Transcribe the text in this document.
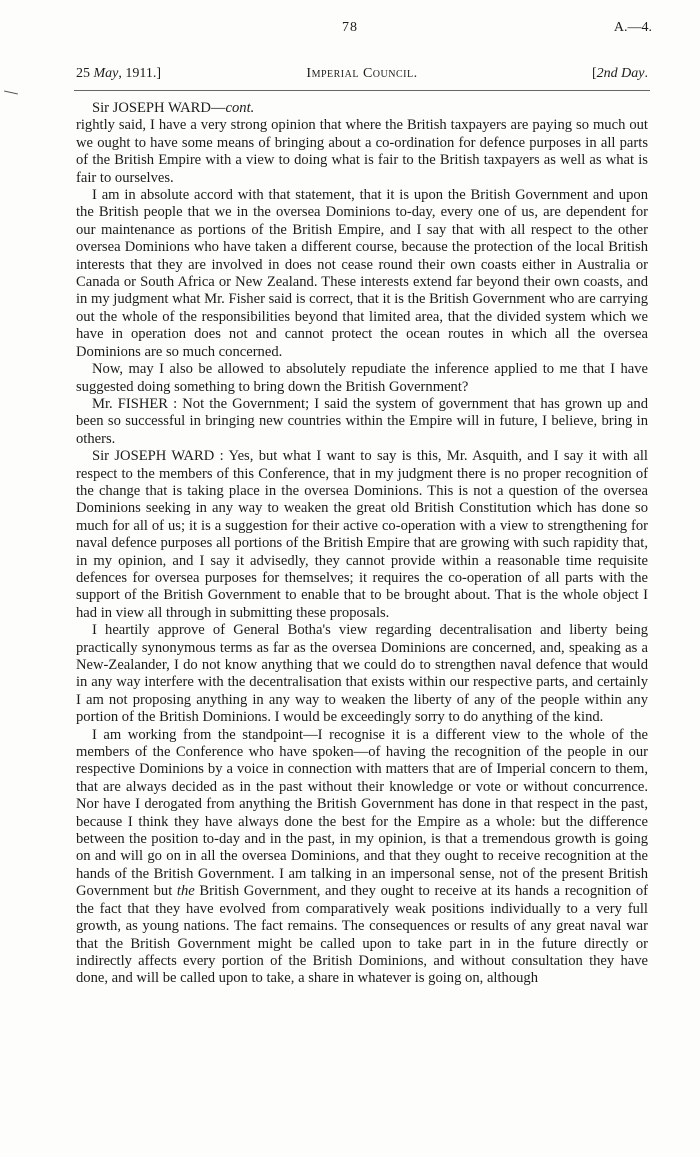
78	A.—4.
25 May, 1911.]	Imperial Council.	[2nd Day.
Sir JOSEPH WARD—cont.

rightly said, I have a very strong opinion that where the British taxpayers are paying so much out we ought to have some means of bringing about a co-ordination for defence purposes in all parts of the British Empire with a view to doing what is fair to the British taxpayers as well as what is fair to ourselves.

I am in absolute accord with that statement, that it is upon the British Government and upon the British people that we in the oversea Dominions to-day, every one of us, are dependent for our maintenance as portions of the British Empire, and I say that with all respect to the other oversea Dominions who have taken a different course, because the protection of the local British interests that they are involved in does not cease round their own coasts either in Australia or Canada or South Africa or New Zealand. These interests extend far beyond their own coasts, and in my judgment what Mr. Fisher said is correct, that it is the British Government who are carrying out the whole of the responsibilities beyond that limited area, that the divided system which we have in operation does not and cannot protect the ocean routes in which all the oversea Dominions are so much concerned.

Now, may I also be allowed to absolutely repudiate the inference applied to me that I have suggested doing something to bring down the British Government?

Mr. FISHER : Not the Government; I said the system of government that has grown up and been so successful in bringing new countries within the Empire will in future, I believe, bring in others.

Sir JOSEPH WARD : Yes, but what I want to say is this, Mr. Asquith, and I say it with all respect to the members of this Conference, that in my judgment there is no proper recognition of the change that is taking place in the oversea Dominions. This is not a question of the oversea Dominions seeking in any way to weaken the great old British Constitution which has done so much for all of us; it is a suggestion for their active co-operation with a view to strengthening for naval defence purposes all portions of the British Empire that are growing with such rapidity that, in my opinion, and I say it advisedly, they cannot provide within a reasonable time requisite defences for oversea purposes for themselves; it requires the co-operation of all parts with the support of the British Government to enable that to be brought about. That is the whole object I had in view all through in submitting these proposals.

I heartily approve of General Botha's view regarding decentralisation and liberty being practically synonymous terms as far as the oversea Dominions are concerned, and, speaking as a New-Zealander, I do not know anything that we could do to strengthen naval defence that would in any way interfere with the decentralisation that exists within our respective parts, and certainly I am not proposing anything in any way to weaken the liberty of any of the people within any portion of the British Dominions. I would be exceedingly sorry to do anything of the kind.

I am working from the standpoint—I recognise it is a different view to the whole of the members of the Conference who have spoken—of having the recognition of the people in our respective Dominions by a voice in connection with matters that are of Imperial concern to them, that are always decided as in the past without their knowledge or vote or without concurrence. Nor have I derogated from anything the British Government has done in that respect in the past, because I think they have always done the best for the Empire as a whole: but the difference between the position to-day and in the past, in my opinion, is that a tremendous growth is going on and will go on in all the oversea Dominions, and that they ought to receive recognition at the hands of the British Government. I am talking in an impersonal sense, not of the present British Government but the British Government, and they ought to receive at its hands a recognition of the fact that they have evolved from comparatively weak positions individually to a very full growth, as young nations. The fact remains. The consequences or results of any great naval war that the British Government might be called upon to take part in in the future directly or indirectly affects every portion of the British Dominions, and without consultation they have done, and will be called upon to take, a share in whatever is going on, although
